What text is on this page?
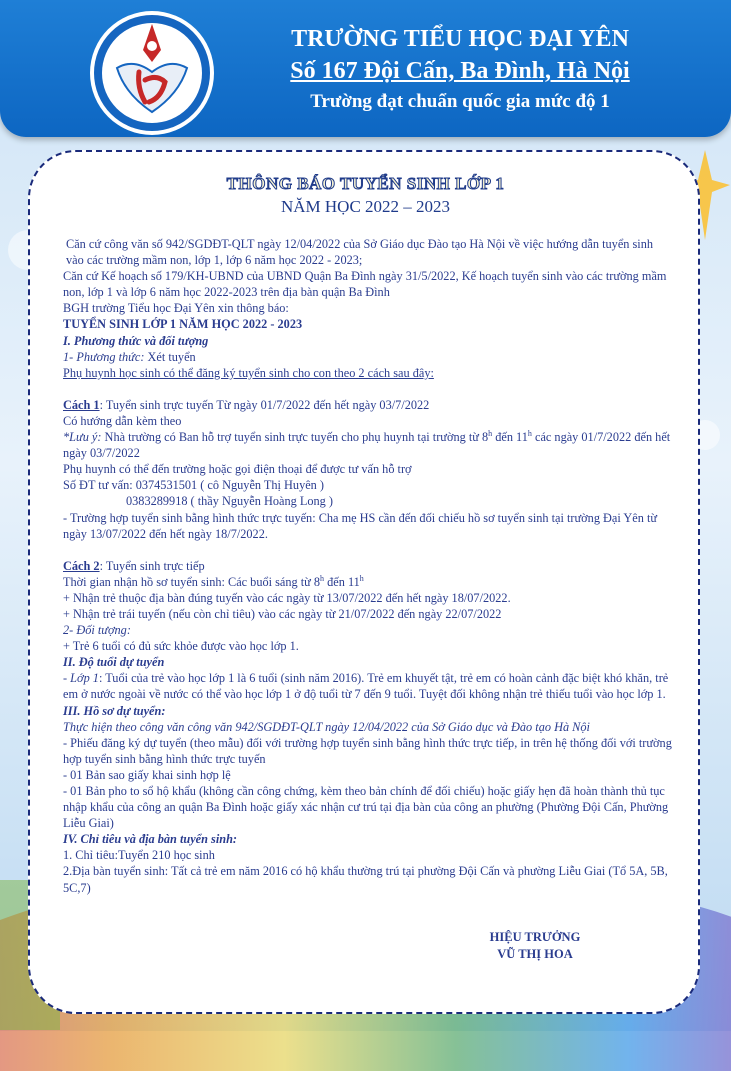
TRƯỜNG TIỂU HỌC ĐẠI YÊN
Số 167 Đội Cấn, Ba Đình, Hà Nội
Trường đạt chuẩn quốc gia mức độ 1
THÔNG BÁO TUYỂN SINH LỚP 1
NĂM HỌC 2022 – 2023

Căn cứ công văn số 942/SGDĐT-QLT ngày 12/04/2022 của Sở Giáo dục Đào tạo Hà Nội về việc hướng dẫn tuyển sinh vào các trường mầm non, lớp 1, lớp 6 năm học 2022 - 2023;

Căn cứ Kế hoạch số 179/KH-UBND của UBND Quận Ba Đình ngày 31/5/2022, Kế hoạch tuyển sinh vào các trường mầm non, lớp 1 và lớp 6 năm học 2022-2023 trên địa bàn quận Ba Đình

BGH trường Tiểu học Đại Yên xin thông báo:

TUYỂN SINH LỚP 1 NĂM HỌC 2022 - 2023

I. Phương thức và đối tượng

1- Phương thức: Xét tuyển

Phụ huynh học sinh có thể đăng ký tuyển sinh cho con theo 2 cách sau đây:

Cách 1: Tuyển sinh trực tuyến Từ ngày 01/7/2022 đến hết ngày 03/7/2022

Có hướng dẫn kèm theo

*Lưu ý: Nhà trường có Ban hỗ trợ tuyển sinh trực tuyến cho phụ huynh tại trường từ 8$^h$ đến 11$^h$ các ngày 01/7/2022 đến hết ngày 03/7/2022

Phụ huynh có thể đến trường hoặc gọi điện thoại để được tư vấn hỗ trợ

Số ĐT tư vấn: 0374531501 ( cô Nguyễn Thị Huyên )

0383289918 ( thầy Nguyễn Hoàng Long )

- Trường hợp tuyển sinh bằng hình thức trực tuyến: Cha mẹ HS cần đến đối chiếu hồ sơ tuyển sinh tại trường Đại Yên từ ngày 13/07/2022 đến hết ngày 18/7/2022.

Cách 2: Tuyển sinh trực tiếp

Thời gian nhận hồ sơ tuyển sinh: Các buổi sáng từ 8$^h$ đến 11$^h$

+ Nhận trẻ thuộc địa bàn đúng tuyến vào các ngày từ 13/07/2022 đến hết ngày 18/07/2022.

+ Nhận trẻ trái tuyến (nếu còn chỉ tiêu) vào các ngày từ 21/07/2022 đến ngày 22/07/2022

2- Đối tượng:

+ Trẻ 6 tuổi có đủ sức khỏe được vào học lớp 1.

II. Độ tuổi dự tuyển

- Lớp 1: Tuổi của trẻ vào học lớp 1 là 6 tuổi (sinh năm 2016). Trẻ em khuyết tật, trẻ em có hoàn cảnh đặc biệt khó khăn, trẻ em ở nước ngoài về nước có thể vào học lớp 1 ở độ tuổi từ 7 đến 9 tuổi. Tuyệt đối không nhận trẻ thiếu tuổi vào học lớp 1.

III. Hồ sơ dự tuyển:

Thực hiện theo công văn công văn 942/SGDĐT-QLT ngày 12/04/2022 của Sở Giáo dục và Đào tạo Hà Nội

- Phiếu đăng ký dự tuyển (theo mẫu) đối với trường hợp tuyển sinh bằng hình thức trực tiếp, in trên hệ thống đối với trường hợp tuyển sinh bằng hình thức trực tuyến

- 01 Bản sao giấy khai sinh hợp lệ

- 01 Bản pho to sổ hộ khẩu (không cần công chứng, kèm theo bản chính để đối chiếu) hoặc giấy hẹn đã hoàn thành thủ tục nhập khẩu của công an quận Ba Đình hoặc giấy xác nhận cư trú tại địa bàn của công an phường (Phường Đội Cấn, Phường Liễu Giai)

IV. Chỉ tiêu và địa bàn tuyển sinh:

1. Chỉ tiêu:Tuyển 210 học sinh

2.Địa bàn tuyển sinh: Tất cả trẻ em năm 2016 có hộ khẩu thường trú tại phường Đội Cấn và phường Liễu Giai (Tổ 5A, 5B, 5C,7)

HIỆU TRƯỞNG
VŨ THỊ HOA
